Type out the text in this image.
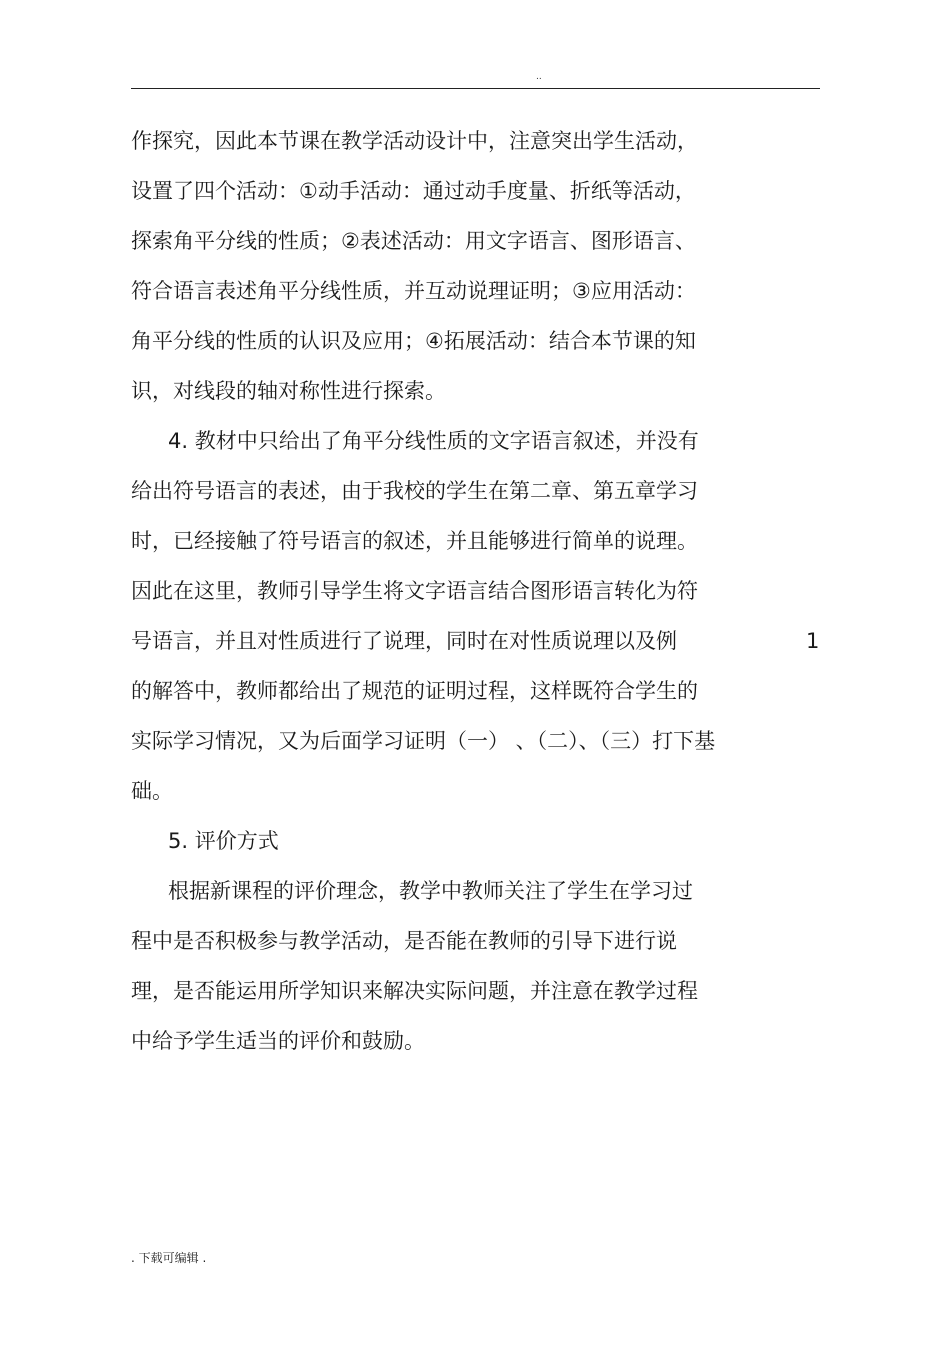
..
作探究，因此本节课在教学活动设计中，注意突出学生活动，
设置了四个活动：①动手活动：通过动手度量、折纸等活动，
探索角平分线的性质；②表述活动：用文字语言、图形语言、
符合语言表述角平分线性质，并互动说理证明；③应用活动：
角平分线的性质的认识及应用；④拓展活动：结合本节课的知
识，对线段的轴对称性进行探索。
4. 教材中只给出了角平分线性质的文字语言叙述，并没有
给出符号语言的表述，由于我校的学生在第二章、第五章学习
时，已经接触了符号语言的叙述，并且能够进行简单的说理。
因此在这里，教师引导学生将文字语言结合图形语言转化为符
号语言，并且对性质进行了说理，同时在对性质说理以及例	1
的解答中，教师都给出了规范的证明过程，这样既符合学生的
实际学习情况，又为后面学习证明（一） 、（二）、（三）打下基
础。
5. 评价方式
根据新课程的评价理念，教学中教师关注了学生在学习过
程中是否积极参与教学活动，是否能在教师的引导下进行说
理，是否能运用所学知识来解决实际问题，并注意在教学过程
中给予学生适当的评价和鼓励。
. 下载可编辑 .
